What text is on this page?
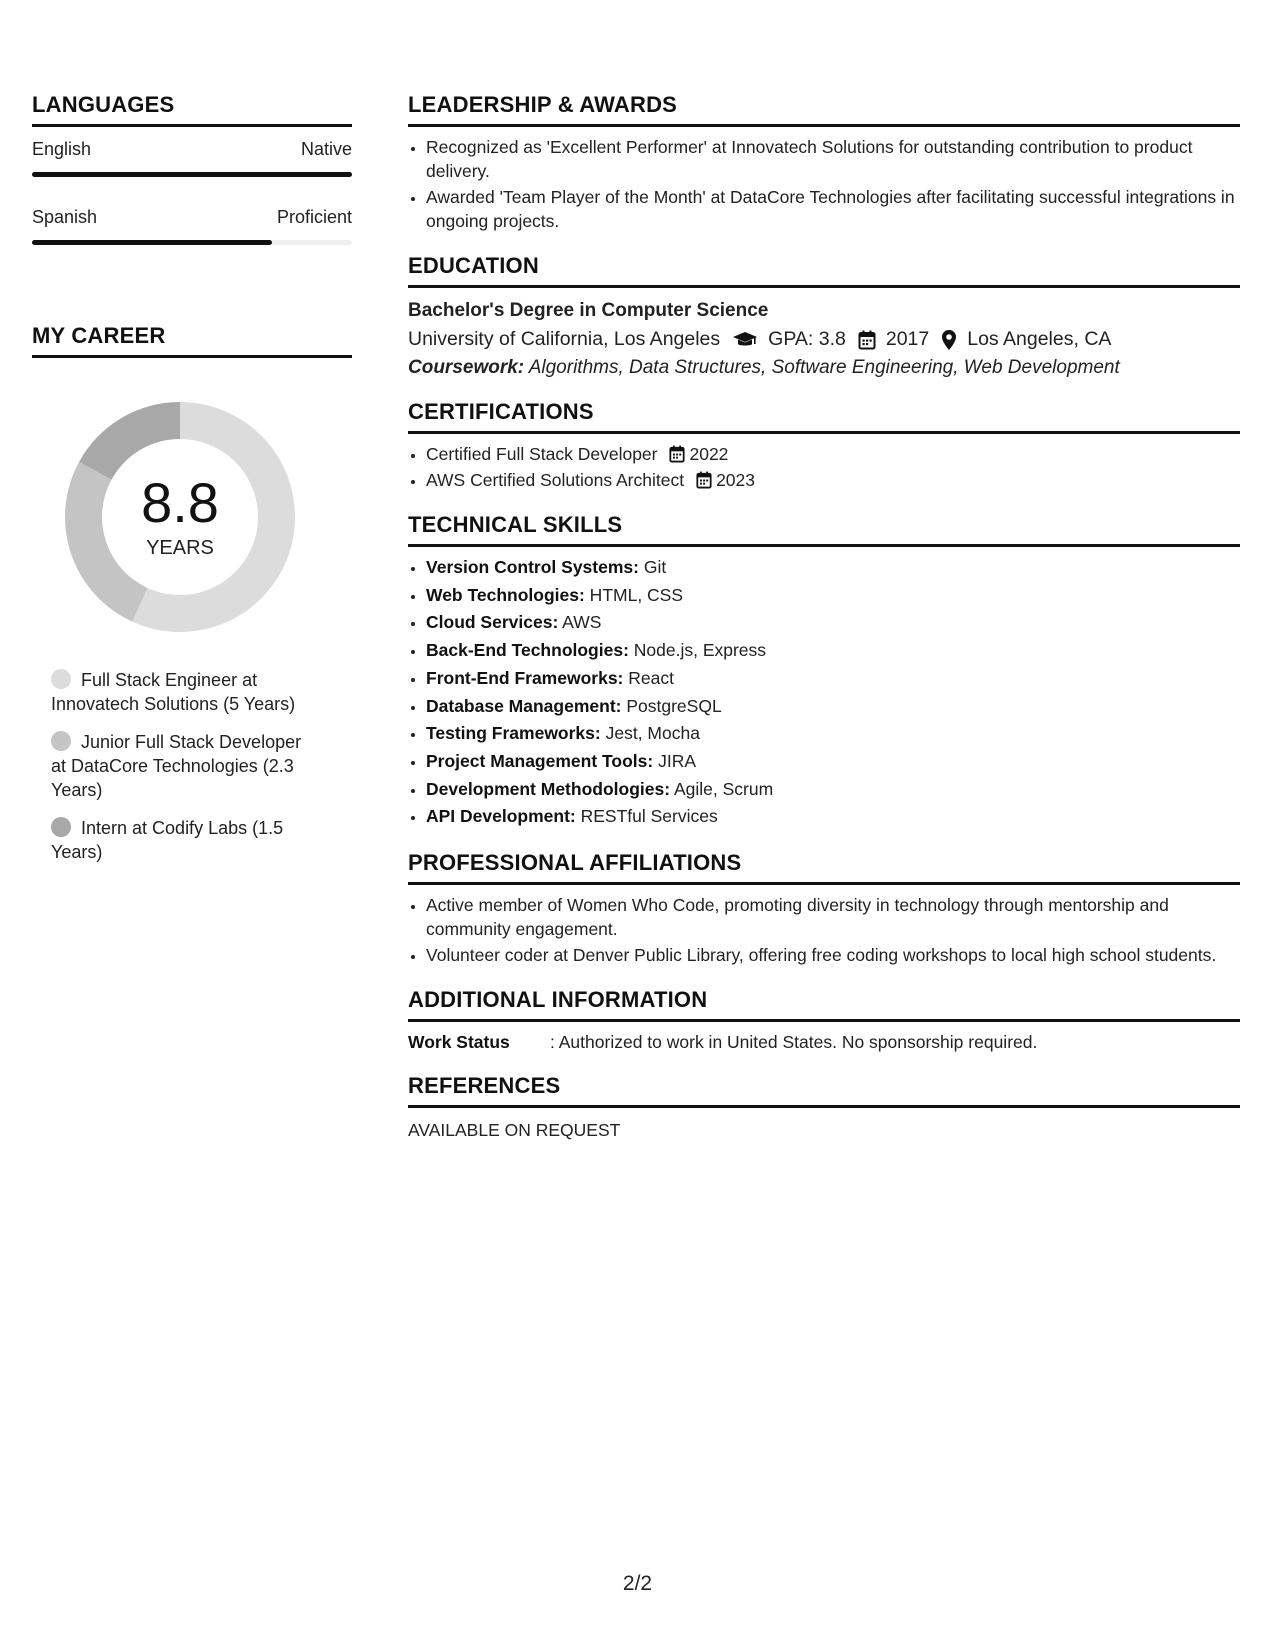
LANGUAGES
English	Native
Spanish	Proficient
MY CAREER
8.8
YEARS
Full Stack Engineer at Innovatech Solutions (5 Years)
Junior Full Stack Developer at DataCore Technologies (2.3 Years)
Intern at Codify Labs (1.5 Years)
LEADERSHIP & AWARDS
• Recognized as 'Excellent Performer' at Innovatech Solutions for outstanding contribution to product delivery.
• Awarded 'Team Player of the Month' at DataCore Technologies after facilitating successful integrations in ongoing projects.
EDUCATION
Bachelor's Degree in Computer Science
University of California, Los Angeles GPA: 3.8 2017 Los Angeles, CA
Coursework: Algorithms, Data Structures, Software Engineering, Web Development
CERTIFICATIONS
• Certified Full Stack Developer 2022
• AWS Certified Solutions Architect 2023
TECHNICAL SKILLS
• Version Control Systems: Git
• Web Technologies: HTML, CSS
• Cloud Services: AWS
• Back-End Technologies: Node.js, Express
• Front-End Frameworks: React
• Database Management: PostgreSQL
• Testing Frameworks: Jest, Mocha
• Project Management Tools: JIRA
• Development Methodologies: Agile, Scrum
• API Development: RESTful Services
PROFESSIONAL AFFILIATIONS
• Active member of Women Who Code, promoting diversity in technology through mentorship and community engagement.
• Volunteer coder at Denver Public Library, offering free coding workshops to local high school students.
ADDITIONAL INFORMATION
Work Status	: Authorized to work in United States. No sponsorship required.
REFERENCES
AVAILABLE ON REQUEST
2/2
